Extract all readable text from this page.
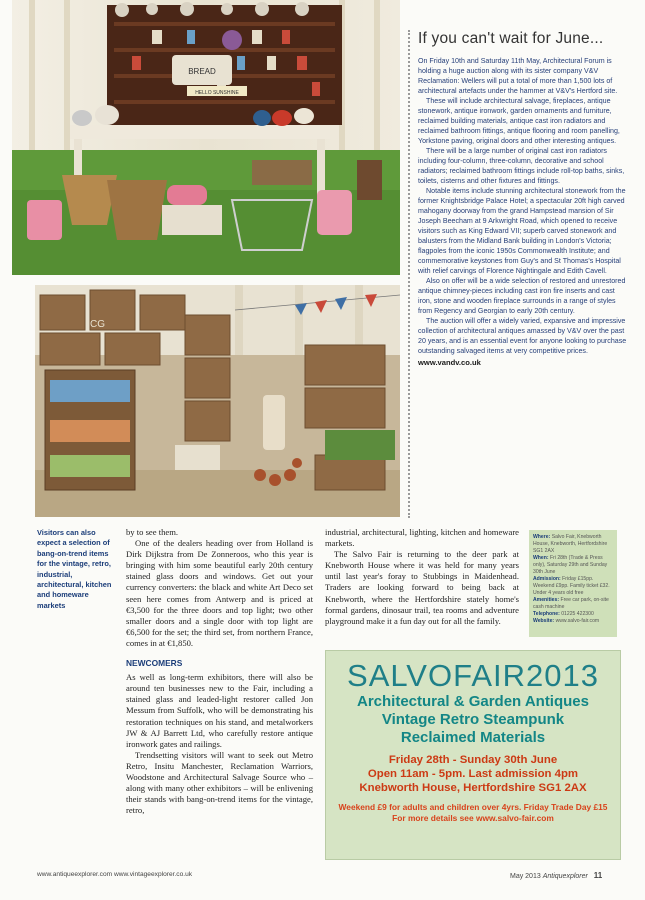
BREAD
HELLO SUNSHINE
CG
If you can't wait for June...

On Friday 10th and Saturday 11th May, Architectural Forum is holding a huge auction along with its sister company V&V Reclamation: Wellers will put a total of more than 1,500 lots of architectural artefacts under the hammer at V&V's Hertford site.

These will include architectural salvage, fireplaces, antique stonework, antique ironwork, garden ornaments and furniture, reclaimed building materials, antique cast iron radiators and reclaimed bathroom fittings, antique flooring and room panelling, Yorkstone paving, original doors and other interesting antiques.

There will be a large number of original cast iron radiators including four-column, three-column, decorative and school radiators; reclaimed bathroom fittings include roll-top baths, sinks, toilets, cisterns and other fixtures and fittings.

Notable items include stunning architectural stonework from the former Knightsbridge Palace Hotel; a spectacular 20ft high carved mahogany doorway from the grand Hampstead mansion of Sir Joseph Beecham at 9 Arkwright Road, which opened to receive visitors such as King Edward VII; superb carved stonework and balusters from the Midland Bank building in London's Victoria; flagpoles from the iconic 1950s Commonwealth Institute; and commemorative keystones from Guy's and St Thomas's Hospital with relief carvings of Florence Nightingale and Edith Cavell.

Also on offer will be a wide selection of restored and unrestored antique chimney-pieces including cast iron fire inserts and cast iron, stone and wooden fireplace surrounds in a range of styles from Regency and Georgian to early 20th century.

The auction will offer a widely varied, expansive and impressive collection of architectural antiques amassed by V&V over the past 20 years, and is an essential event for anyone looking to purchase outstanding salvaged items at very competitive prices.

www.vandv.co.uk
Visitors can also expect a selection of bang-on-trend items for the vintage, retro, industrial, architectural, kitchen and homeware markets

by to see them.

One of the dealers heading over from Holland is Dirk Dijkstra from De Zonneroos, who this year is bringing with him some beautiful early 20th century stained glass doors and windows. Get out your currency converters: the black and white Art Deco set seen here comes from Antwerp and is priced at €3,500 for the three doors and top light; two other smaller doors and a single door with top light are €6,500 for the set; the third set, from northern France, comes in at €1,850.

NEWCOMERS

As well as long-term exhibitors, there will also be around ten businesses new to the Fair, including a stained glass and leaded-light restorer called Jon Messum from Suffolk, who will be demonstrating his restoration techniques on his stand, and metalworkers JW & AJ Barrett Ltd, who carefully restore antique ironwork gates and railings.

Trendsetting visitors will want to seek out Metro Retro, Insitu Manchester, Reclamation Warriors, Woodstone and Architectural Salvage Source who – along with many other exhibitors – will be enlivening their stands with bang-on-trend items for the vintage, retro,

industrial, architectural, lighting, kitchen and homeware markets.

The Salvo Fair is returning to the deer park at Knebworth House where it was held for many years until last year's foray to Stubbings in Maidenhead. Traders are looking forward to being back at Knebworth, where the Hertfordshire stately home's formal gardens, dinosaur trail, tea rooms and adventure playground make it a fun day out for all the family.

Where: Salvo Fair, Knebworth House, Knebworth, Hertfordshire SG1 2AX
When: Fri 28th (Trade & Press only), Saturday 29th and Sunday 30th June
Admission: Friday £15pp. Weekend £9pp. Family ticket £32. Under 4 years old free
Amenities: Free car park, on-site cash machine
Telephone: 01225 422300
Website: www.salvo-fair.com
SALVOFAIR2013
Architectural & Garden Antiques
Vintage Retro Steampunk
Reclaimed Materials
Friday 28th - Sunday 30th June
Open 11am - 5pm. Last admission 4pm
Knebworth House, Hertfordshire SG1 2AX
Weekend £9 for adults and children over 4yrs. Friday Trade Day £15
For more details see www.salvo-fair.com
www.antiqueexplorer.com www.vintageexplorer.co.uk	May 2013 Antiquexplorer 11
